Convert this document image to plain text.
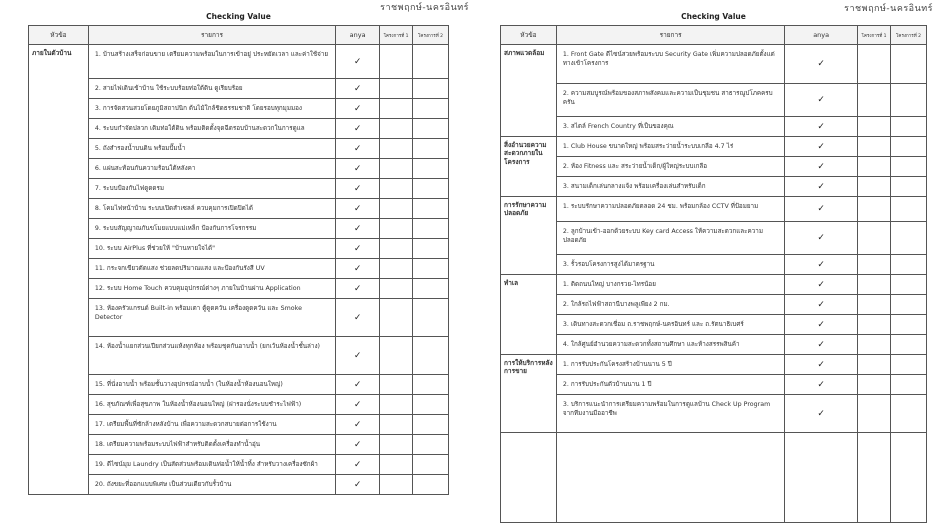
ราชพฤกษ์-นครอินทร์
Checking Value
หัวข้อ	รายการ	anya	โครงการที่ 1	โครงการที่ 2
ภายในตัวบ้าน	1. บ้านสร้างเสร็จก่อนขาย เตรียมความพร้อมในการเข้าอยู่ ประหยัดเวลา และค่าใช้จ่าย	✓		
	2. สายไฟเดินเข้าบ้าน ใช้ระบบร้อยท่อใต้ดิน ดูเรียบร้อย	✓		
	3. การจัดสวนสวยโดยภูมิสถาปนิก ต้นไม้ใกล้ชิดธรรมชาติ โดยรอบทุกมุมมอง	✓		
	4. ระบบกำจัดปลวก เติมท่อใต้ดิน พร้อมติดตั้งจุดฉีดรอบบ้านสะดวกในการดูแล	✓		
	5. ถังสำรองน้ำบนดิน พร้อมปั๊มน้ำ	✓		
	6. แผ่นสะท้อนกันความร้อนใต้หลังคา	✓		
	7. ระบบป้องกันไฟดูดดรม	✓		
	8. โคมไฟหน้าบ้าน ระบบเปิดสำเซลล์ ควบคุมการเปิดปิดได้	✓		
	9. ระบบสัญญาณกันขโมยแบบแม่เหล็ก ป้องกันการโจรกรรม	✓		
	10. ระบบ AirPlus ที่ช่วยให้ "บ้านหายใจได้"	✓		
	11. กระจกเขียวตัดแสง ช่วยลดปริมาณแสง และป้องกันรังสี UV	✓		
	12. ระบบ Home Touch ควบคุมอุปกรณ์ต่างๆ ภายในบ้านผ่าน Application	✓		
	13. ห้องครัวแกรนด์ Built-in พร้อมเตา ตู้ดูดควัน เครื่องดูดควัน และ Smoke Detector	✓		
	14. ห้องน้ำแยกส่วนเปียกส่วนแห้งทุกห้อง พร้อมชุดกันอาบน้ำ (ยกเว้นห้องน้ำชั้นล่าง)	✓		
	15. ที่นั่งอาบน้ำ พร้อมชั้นวางอุปกรณ์อาบน้ำ (ในห้องน้ำห้องนอนใหญ่)	✓		
	16. สุขภัณฑ์เพื่อสุขภาพ ในห้องน้ำห้องนอนใหญ่ (ฝารองนั่งระบบชำระไฟฟ้า)	✓		
	17. เตรียมพื้นที่ซักล้างหลังบ้าน เพื่อความสะดวกสบายต่อการใช้งาน	✓		
	18. เตรียมความพร้อมระบบไฟฟ้าสำหรับติดตั้งเครื่องทำน้ำอุ่น	✓		
	19. ดีไซน์มุม Laundry เป็นสัดส่วนพร้อมเดินท่อน้ำให้น้ำทิ้ง สำหรับวางเครื่องซักผ้า	✓		
	20. ถังขยะที่ออกแบบพิเศษ เป็นส่วนเดียวกับรั้วบ้าน	✓		
ราชพฤกษ์-นครอินทร์
Checking Value
หัวข้อ	รายการ	anya	โครงการที่ 1	โครงการที่ 2
สภาพแวดล้อม	1. Front Gate ดีไซน์สวยพร้อมระบบ Security Gate เพิ่มความปลอดภัยตั้งแต่ทางเข้าโครงการ	✓		
	2. ความสมบูรณ์พร้อมของสภาพสังคมและความเป็นชุมชน สาธารณูปโภคครบครัน	✓		
	3. สไตล์ French Country ที่เป็นของคุณ	✓		
สิ่งอำนวยความสะดวกภายในโครงการ	1. Club House ขนาดใหญ่ พร้อมสระว่ายน้ำระบบเกลือ 4.7 ไร่	✓		
	2. ห้อง Fitness และ สระว่ายน้ำเด็ก/ผู้ใหญ่ระบบเกลือ	✓		
	3. สนามเด็กเล่นกลางแจ้ง พร้อมเครื่องเล่นสำหรับเด็ก	✓		
การรักษาความปลอดภัย	1. ระบบรักษาความปลอดภัยตลอด 24 ชม. พร้อมกล้อง CCTV ที่ป้อมยาม	✓		
	2. ลูกบ้านเข้า-ออกด้วยระบบ Key card Access ให้ความสะดวกและความปลอดภัย	✓		
	3. รั้วรอบโครงการสูงได้มาตรฐาน	✓		
ทำเล	1. ติดถนนใหญ่ บางกรวย-ไทรน้อย	✓		
	2. ใกล้รถไฟฟ้าสถานีบางพลูเพียง 2 กม.	✓		
	3. เดินทางสะดวกเชื่อม ถ.ราชพฤกษ์-นครอินทร์ และ ถ.รัตนาธิเบศร์	✓		
	4. ใกล้ศูนย์อำนวยความสะดวกทั้งสถานศึกษา และห้างสรรพสินค้า	✓		
การให้บริการหลังการขาย	1. การรับประกันโครงสร้างบ้านนาน 5 ปี	✓		
	2. การรับประกันตัวบ้านนาน 1 ปี	✓		
	3. บริการแนะนำการเตรียมความพร้อมในการดูแลบ้าน Check Up Program จากทีมงานมืออาชีพ	✓		
